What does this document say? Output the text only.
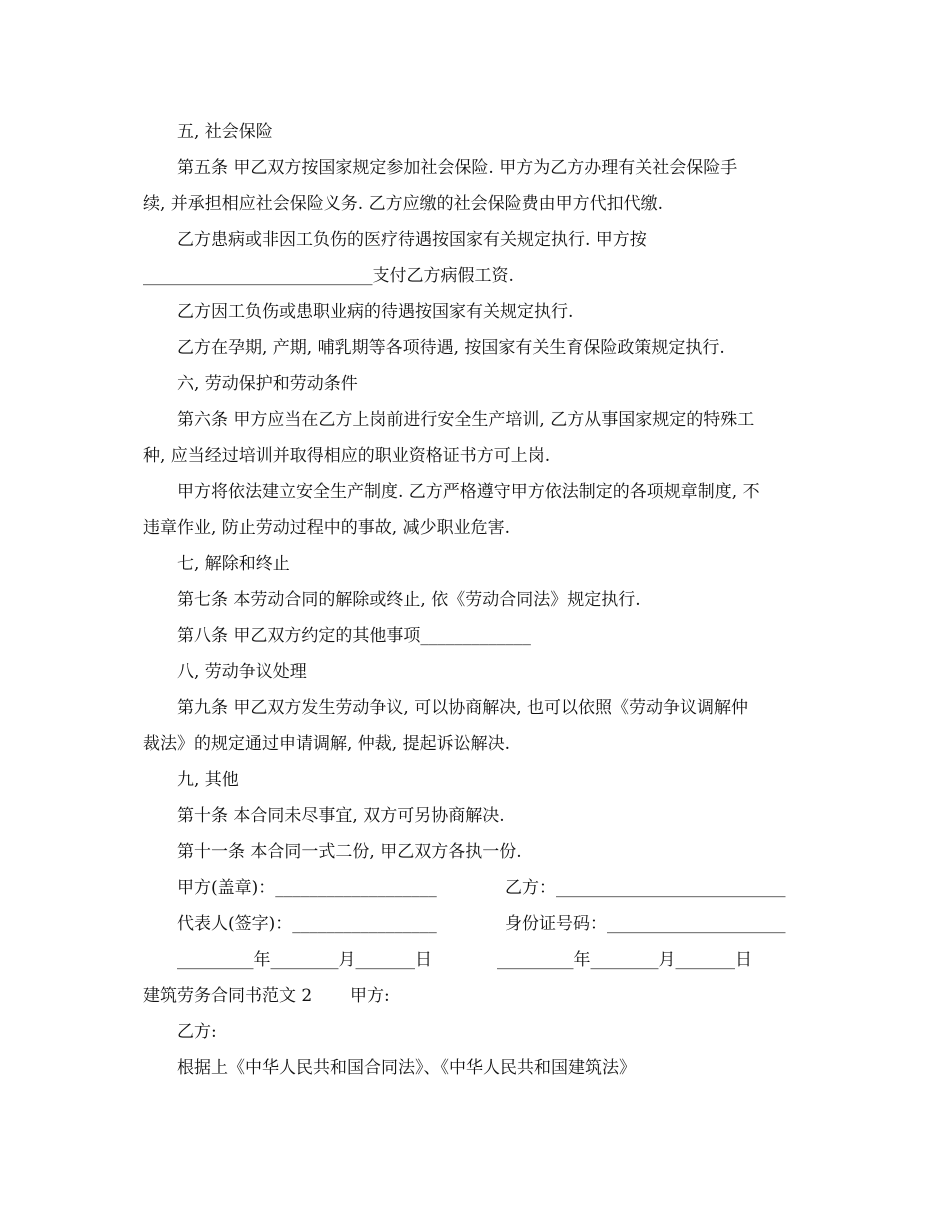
五, 社会保险
第五条 甲乙双方按国家规定参加社会保险. 甲方为乙方办理有关社会保险手
续, 并承担相应社会保险义务. 乙方应缴的社会保险费由甲方代扣代缴.
乙方患病或非因工负伤的医疗待遇按国家有关规定执行. 甲方按
___________________________支付乙方病假工资.
乙方因工负伤或患职业病的待遇按国家有关规定执行.
乙方在孕期, 产期, 哺乳期等各项待遇, 按国家有关生育保险政策规定执行.
六, 劳动保护和劳动条件
第六条 甲方应当在乙方上岗前进行安全生产培训, 乙方从事国家规定的特殊工
种, 应当经过培训并取得相应的职业资格证书方可上岗.
甲方将依法建立安全生产制度. 乙方严格遵守甲方依法制定的各项规章制度, 不
违章作业, 防止劳动过程中的事故, 减少职业危害.
七, 解除和终止
第七条 本劳动合同的解除或终止, 依《劳动合同法》规定执行.
第八条 甲乙双方约定的其他事项_____________
八, 劳动争议处理
第九条 甲乙双方发生劳动争议, 可以协商解决, 也可以依照《劳动争议调解仲
裁法》的规定通过申请调解, 仲裁, 提起诉讼解决.
九, 其他
第十条 本合同未尽事宜, 双方可另协商解决.
第十一条 本合同一式二份, 甲乙双方各执一份.
甲方(盖章)：___________________	乙方：___________________________
代表人(签字)：_________________	身份证号码：_____________________
_________年________月_______日	_________年________月_______日
建筑劳务合同书范文 2       甲方:
乙方:
根据上《中华人民共和国合同法》、《中华人民共和国建筑法》
